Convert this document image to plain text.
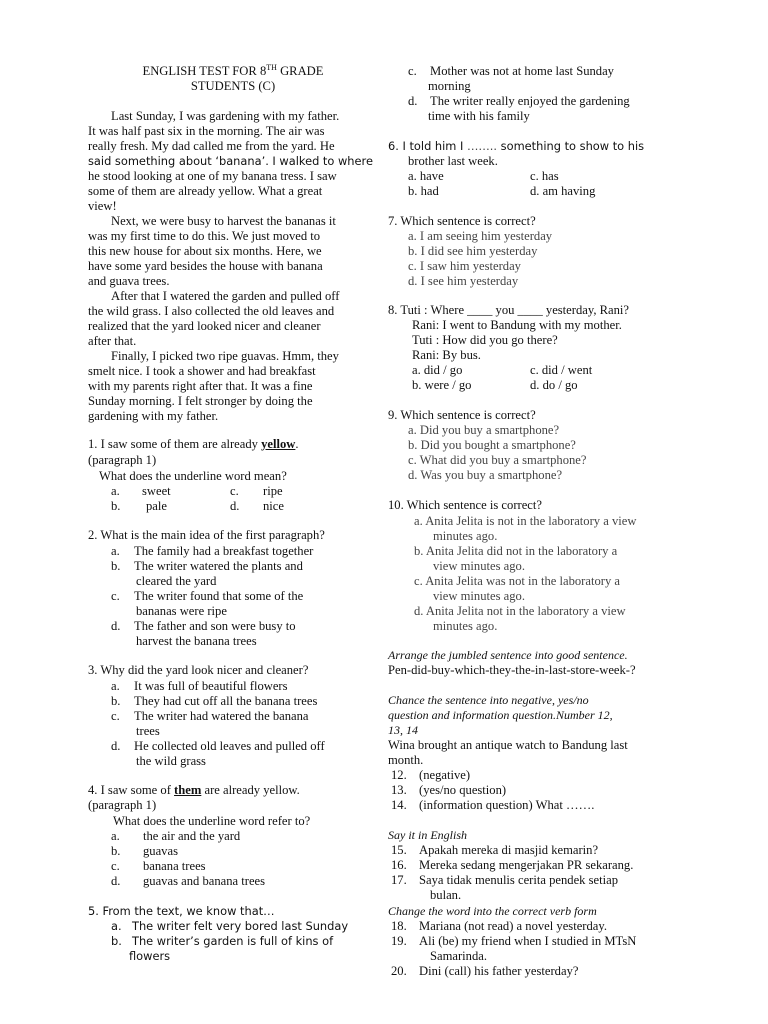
ENGLISH TEST FOR 8TH GRADE
STUDENTS (C)
Last Sunday, I was gardening with my father.
It was half past six in the morning. The air was
really fresh. My dad called me from the yard. He
said something about ‘banana’. I walked to where
he stood looking at one of my banana tress. I saw
some of them are already yellow. What a great
view!
Next, we were busy to harvest the bananas it
was my first time to do this. We just moved to
this new house for about six months. Here, we
have some yard besides the house with banana
and guava trees.
After that I watered the garden and pulled off
the wild grass. I also collected the old leaves and
realized that the yard looked nicer and cleaner
after that.
Finally, I picked two ripe guavas. Hmm, they
smelt nice. I took a shower and had breakfast
with my parents right after that. It was a fine
Sunday morning. I felt stronger by doing the
gardening with my father.
1. I saw some of them are already yellow.
(paragraph 1)
What does the underline word mean?
a. sweet	c. ripe
b. pale	d. nice
2. What is the main idea of the first paragraph?
a. The family had a breakfast together
b. The writer watered the plants and
cleared the yard
c. The writer found that some of the
bananas were ripe
d. The father and son were busy to
harvest the banana trees
3. Why did the yard look nicer and cleaner?
a. It was full of beautiful flowers
b. They had cut off all the banana trees
c. The writer had watered the banana
trees
d. He collected old leaves and pulled off
the wild grass
4. I saw some of them are already yellow.
(paragraph 1)
What does the underline word refer to?
a. the air and the yard
b. guavas
c. banana trees
d. guavas and banana trees
5. From the text, we know that…
a. The writer felt very bored last Sunday
b. The writer’s garden is full of kins of
flowers
c. Mother was not at home last Sunday
morning
d. The writer really enjoyed the gardening
time with his family
6. I told him I …….. something to show to his
brother last week.
a. have	c. has
b. had	d. am having
7. Which sentence is correct?
a. I am seeing him yesterday
b. I did see him yesterday
c. I saw him yesterday
d. I see him yesterday
8. Tuti : Where ____ you ____ yesterday, Rani?
Rani: I went to Bandung with my mother.
Tuti : How did you go there?
Rani: By bus.
a. did / go	c. did / went
b. were / go	d. do / go
9. Which sentence is correct?
a. Did you buy a smartphone?
b. Did you bought a smartphone?
c. What did you buy a smartphone?
d. Was you buy a smartphone?
10. Which sentence is correct?
a. Anita Jelita is not in the laboratory a view
minutes ago.
b. Anita Jelita did not in the laboratory a
view minutes ago.
c. Anita Jelita was not in the laboratory a
view minutes ago.
d. Anita Jelita not in the laboratory a view
minutes ago.
Arrange the jumbled sentence into good sentence.
Pen-did-buy-which-they-the-in-last-store-week-?
Chance the sentence into negative, yes/no
question and information question.Number 12,
13, 14
Wina brought an antique watch to Bandung last
month.
12. (negative)
13. (yes/no question)
14. (information question) What …….
Say it in English
15. Apakah mereka di masjid kemarin?
16. Mereka sedang mengerjakan PR sekarang.
17. Saya tidak menulis cerita pendek setiap
bulan.
Change the word into the correct verb form
18. Mariana (not read) a novel yesterday.
19. Ali (be) my friend when I studied in MTsN
Samarinda.
20. Dini (call) his father yesterday?
